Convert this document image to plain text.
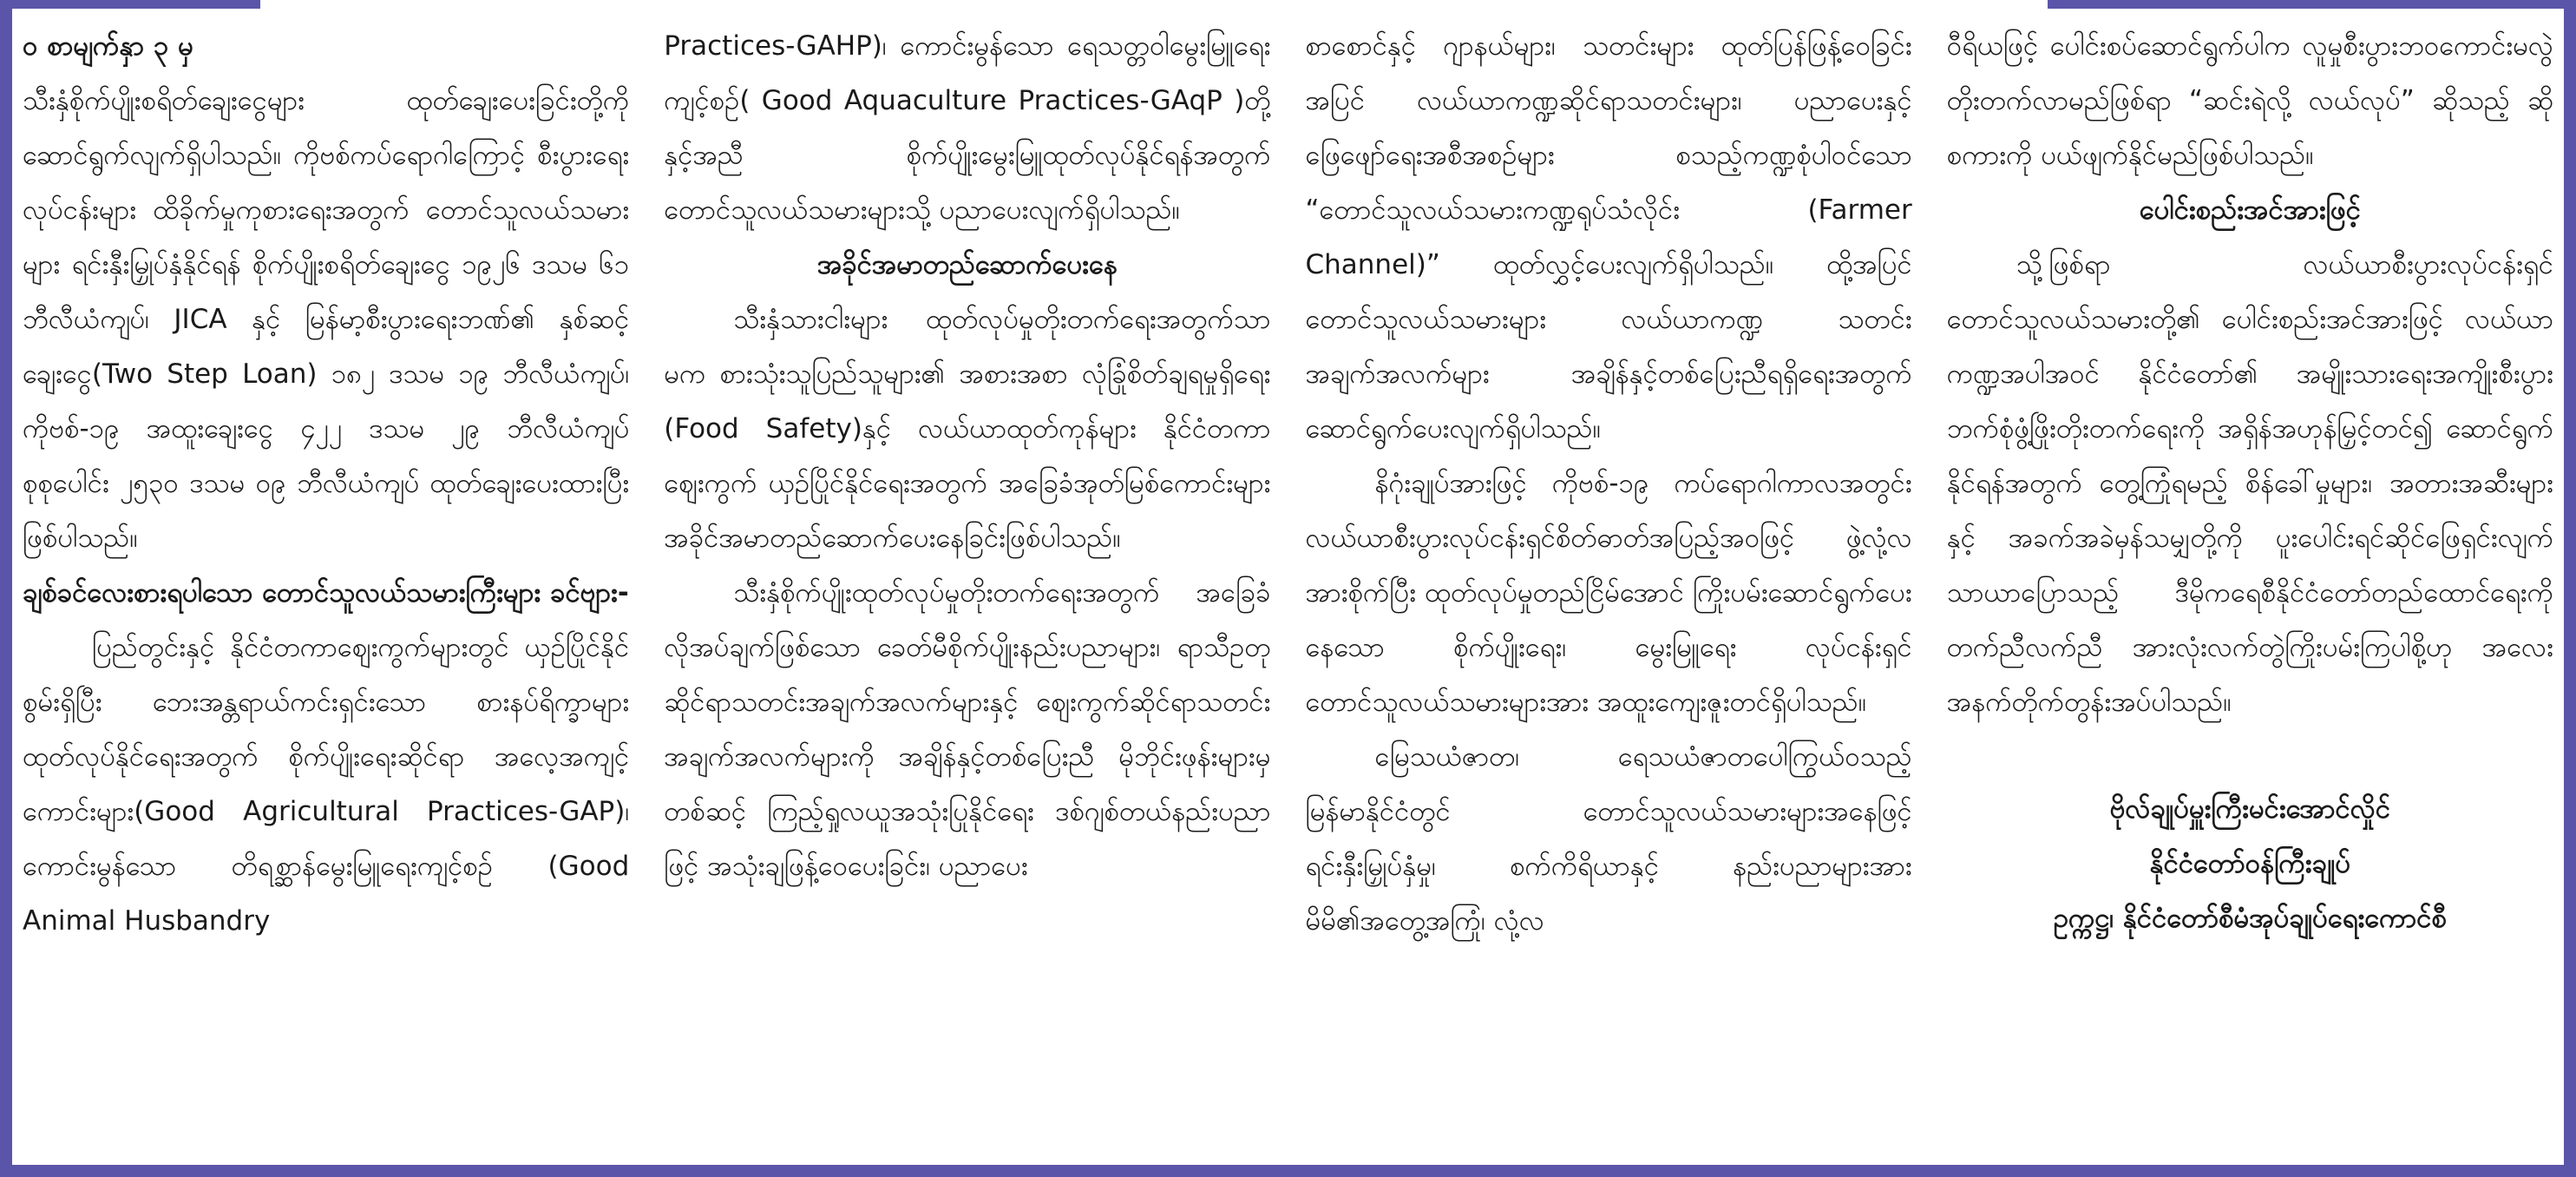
ဝ စာမျက်နှာ ၃ မှ

သီးနှံစိုက်ပျိုးစရိတ်ချေးငွေများ ထုတ်ချေးပေးခြင်းတို့ကို ဆောင်ရွက်လျက်ရှိပါသည်။ ကိုဗစ်ကပ်ရောဂါကြောင့် စီးပွားရေးလုပ်ငန်းများ ထိခိုက်မှုကုစားရေးအတွက် တောင်သူလယ်သမားများ ရင်းနှီးမြှုပ်နှံနိုင်ရန် စိုက်ပျိုးစရိတ်ချေးငွေ ၁၉၂၆ ဒသမ ၆၁ ဘီလီယံကျပ်၊ JICA နှင့် မြန်မာ့စီးပွားရေးဘဏ်၏ နှစ်ဆင့်ချေးငွေ(Two Step Loan) ၁၈၂ ဒသမ ၁၉ ဘီလီယံကျပ်၊ ကိုဗစ်-၁၉ အထူးချေးငွေ ၄၂၂ ဒသမ ၂၉ ဘီလီယံကျပ် စုစုပေါင်း ၂၅၃၀ ဒသမ ၀၉ ဘီလီယံကျပ် ထုတ်ချေးပေးထားပြီးဖြစ်ပါသည်။

ချစ်ခင်လေးစားရပါသော တောင်သူလယ်သမားကြီးများ ခင်ဗျား-

ပြည်တွင်းနှင့် နိုင်ငံတကာဈေးကွက်များတွင် ယှဉ်ပြိုင်နိုင်စွမ်းရှိပြီး ဘေးအန္တရာယ်ကင်းရှင်းသော စားနပ်ရိက္ခာများ ထုတ်လုပ်နိုင်ရေးအတွက် စိုက်ပျိုးရေးဆိုင်ရာ အလေ့အကျင့်ကောင်းများ(Good Agricultural Practices-GAP)၊ ကောင်းမွန်သော တိရစ္ဆာန်မွေးမြူရေးကျင့်စဉ် (Good Animal Husbandry

Practices-GAHP)၊ ကောင်းမွန်သော ရေသတ္တဝါမွေးမြူရေးကျင့်စဉ်( Good Aquaculture Practices-GAqP )တို့နှင့်အညီ စိုက်ပျိုးမွေးမြူထုတ်လုပ်နိုင်ရန်အတွက် တောင်သူလယ်သမားများသို့ ပညာပေးလျက်ရှိပါသည်။

အခိုင်အမာတည်ဆောက်ပေးနေ

သီးနှံသားငါးများ ထုတ်လုပ်မှုတိုးတက်ရေးအတွက်သာမက စားသုံးသူပြည်သူများ၏ အစားအစာ လုံခြုံစိတ်ချရမှုရှိရေး (Food Safety)နှင့် လယ်ယာထုတ်ကုန်များ နိုင်ငံတကာဈေးကွက် ယှဉ်ပြိုင်နိုင်ရေးအတွက် အခြေခံအုတ်မြစ်ကောင်းများ အခိုင်အမာတည်ဆောက်ပေးနေခြင်းဖြစ်ပါသည်။

သီးနှံစိုက်ပျိုးထုတ်လုပ်မှုတိုးတက်ရေးအတွက် အခြေခံလိုအပ်ချက်ဖြစ်သော ခေတ်မီစိုက်ပျိုးနည်းပညာများ၊ ရာသီဥတုဆိုင်ရာသတင်းအချက်အလက်များနှင့် ဈေးကွက်ဆိုင်ရာသတင်းအချက်အလက်များကို အချိန်နှင့်တစ်ပြေးညီ မိုဘိုင်းဖုန်းများမှတစ်ဆင့် ကြည့်ရှုလယူအသုံးပြုနိုင်ရေး ဒစ်ဂျစ်တယ်နည်းပညာဖြင့် အသုံးချဖြန့်ဝေပေးခြင်း၊ ပညာပေး

စာစောင်နှင့် ဂျာနယ်များ၊ သတင်းများ ထုတ်ပြန်ဖြန့်ဝေခြင်းအပြင် လယ်ယာကဏ္ဍဆိုင်ရာသတင်းများ၊ ပညာပေးနှင့် ဖြေဖျော်ရေးအစီအစဉ်များ စသည့်ကဏ္ဍစုံပါဝင်သော “တောင်သူလယ်သမားကဏ္ဍရုပ်သံလိုင်း (Farmer Channel)” ထုတ်လွှင့်ပေးလျက်ရှိပါသည်။ ထို့အပြင် တောင်သူလယ်သမားများ လယ်ယာကဏ္ဍ သတင်းအချက်အလက်များ အချိန်နှင့်တစ်ပြေးညီရရှိရေးအတွက် ဆောင်ရွက်ပေးလျက်ရှိပါသည်။

နိဂုံးချုပ်အားဖြင့် ကိုဗစ်-၁၉ ကပ်ရောဂါကာလအတွင်း လယ်ယာစီးပွားလုပ်ငန်းရှင်စိတ်ဓာတ်အပြည့်အဝဖြင့် ဖွဲ့လုံ့လအားစိုက်ပြီး ထုတ်လုပ်မှုတည်ငြိမ်အောင် ကြိုးပမ်းဆောင်ရွက်ပေးနေသော စိုက်ပျိုးရေး၊ မွေးမြူရေး လုပ်ငန်းရှင်တောင်သူလယ်သမားများအား အထူးကျေးဇူးတင်ရှိပါသည်။

မြေသယံဇာတ၊ ရေသယံဇာတပေါကြွယ်ဝသည့် မြန်မာနိုင်ငံတွင် တောင်သူလယ်သမားများအနေဖြင့် ရင်းနှီးမြှုပ်နှံမှု၊ စက်ကိရိယာနှင့် နည်းပညာများအား မိမိ၏အတွေ့အကြုံ၊ လုံ့လ

ဝီရိယဖြင့် ပေါင်းစပ်ဆောင်ရွက်ပါက လူမှုစီးပွားဘဝကောင်းမလွဲ တိုးတက်လာမည်ဖြစ်ရာ “ဆင်းရဲလို့ လယ်လုပ်” ဆိုသည့် ဆိုစကားကို ပယ်ဖျက်နိုင်မည်ဖြစ်ပါသည်။

ပေါင်းစည်းအင်အားဖြင့်

သို့ဖြစ်ရာ လယ်ယာစီးပွားလုပ်ငန်းရှင်တောင်သူလယ်သမားတို့၏ ပေါင်းစည်းအင်အားဖြင့် လယ်ယာကဏ္ဍအပါအဝင် နိုင်ငံတော်၏ အမျိုးသားရေးအကျိုးစီးပွား ဘက်စုံဖွံ့ဖြိုးတိုးတက်ရေးကို အရှိန်အဟုန်မြှင့်တင်၍ ဆောင်ရွက်နိုင်ရန်အတွက် တွေ့ကြုံရမည့် စိန်ခေါ်မှုများ၊ အတားအဆီးများနှင့် အခက်အခဲမှန်သမျှတို့ကို ပူးပေါင်းရင်ဆိုင်ဖြေရှင်းလျက် သာယာပြောသည့် ဒီမိုကရေစီနိုင်ငံတော်တည်ထောင်ရေးကို တက်ညီလက်ညီ အားလုံးလက်တွဲကြိုးပမ်းကြပါစို့ဟု အလေးအနက်တိုက်တွန်းအပ်ပါသည်။

ဗိုလ်ချုပ်မှူးကြီးမင်းအောင်လှိုင်

နိုင်ငံတော်ဝန်ကြီးချုပ်

ဥက္ကဋ္ဌ၊ နိုင်ငံတော်စီမံအုပ်ချုပ်ရေးကောင်စီ
